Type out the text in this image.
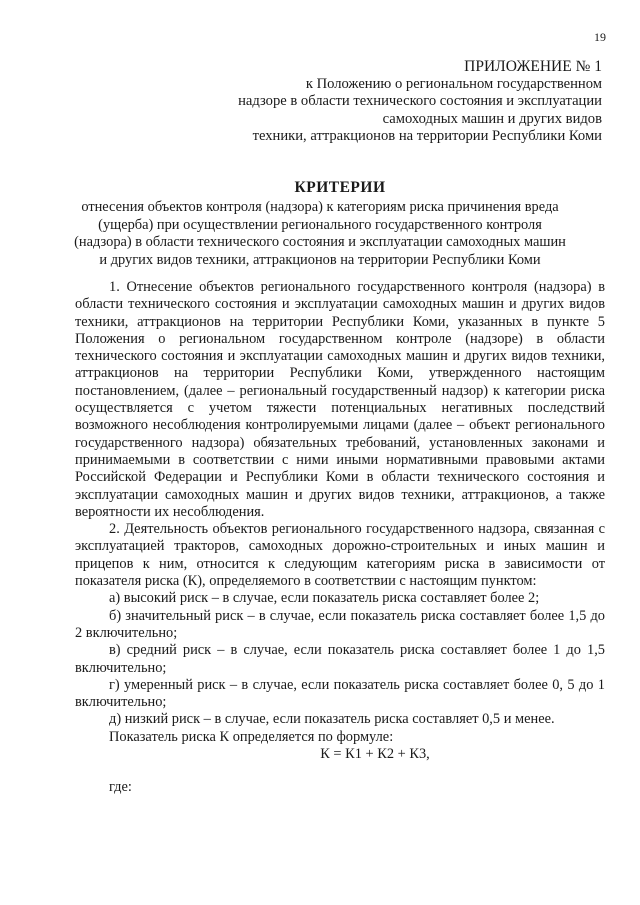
19
ПРИЛОЖЕНИЕ № 1
к Положению о региональном государственном
надзоре в области технического состояния и эксплуатации
самоходных машин и других видов
техники, аттракционов на территории Республики Коми
КРИТЕРИИ
отнесения объектов контроля (надзора) к категориям риска причинения вреда
(ущерба) при осуществлении регионального государственного контроля
(надзора) в области технического состояния и эксплуатации самоходных машин
и других видов техники, аттракционов на территории Республики Коми

1. Отнесение объектов регионального государственного контроля (надзора) в области технического состояния и эксплуатации самоходных машин и других видов техники, аттракционов на территории Республики Коми, указанных в пункте 5 Положения о региональном государственном контроле (надзоре) в области технического состояния и эксплуатации самоходных машин и других видов техники, аттракционов на территории Республики Коми, утвержденного настоящим постановлением, (далее – региональный государственный надзор) к категории риска осуществляется с учетом тяжести потенциальных негативных последствий возможного несоблюдения контролируемыми лицами (далее – объект регионального государственного надзора) обязательных требований, установленных законами и принимаемыми в соответствии с ними иными нормативными правовыми актами Российской Федерации и Республики Коми в области технического состояния и эксплуатации самоходных машин и других видов техники, аттракционов, а также вероятности их несоблюдения.

2. Деятельность объектов регионального государственного надзора, связанная с эксплуатацией тракторов, самоходных дорожно-строительных и иных машин и прицепов к ним, относится к следующим категориям риска в зависимости от показателя риска (К), определяемого в соответствии с настоящим пунктом:

а) высокий риск – в случае, если показатель риска составляет более 2;

б) значительный риск – в случае, если показатель риска составляет более 1,5 до 2 включительно;

в) средний риск – в случае, если показатель риска составляет более 1 до 1,5 включительно;

г) умеренный риск – в случае, если показатель риска составляет более 0, 5 до 1 включительно;

д) низкий риск – в случае, если показатель риска составляет 0,5 и менее.

Показатель риска К определяется по формуле:

К = К1 + К2 + К3,

где:
